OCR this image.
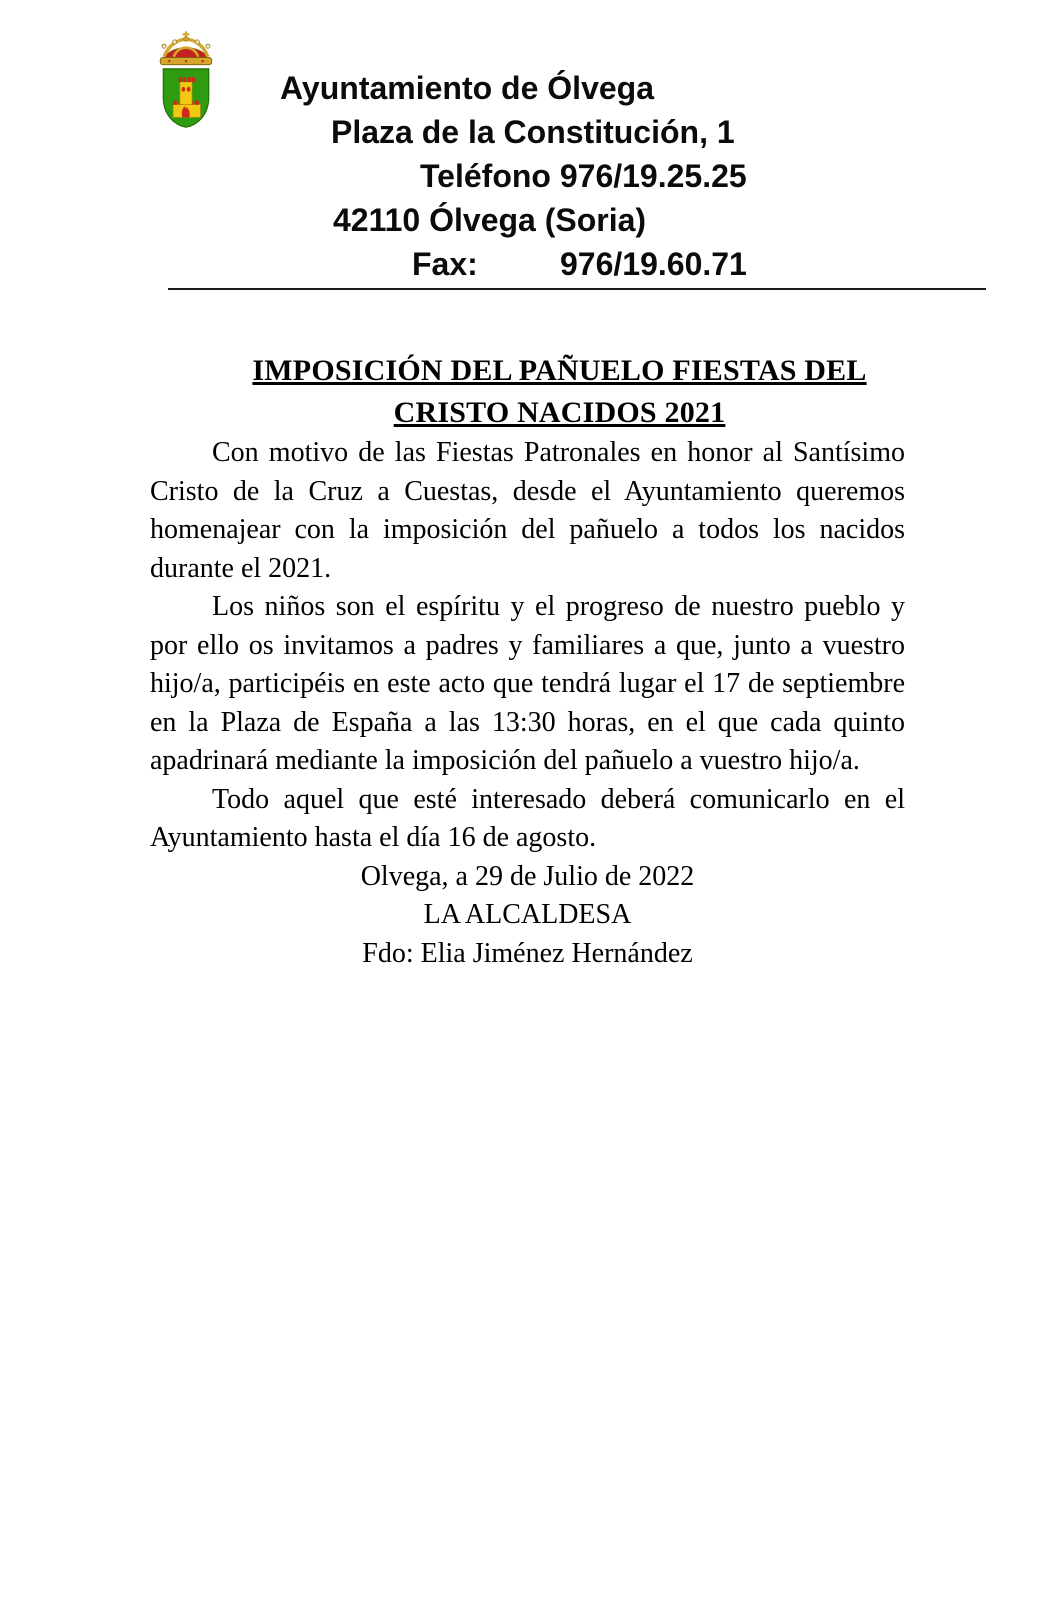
Ayuntamiento de Ólvega
Plaza de la Constitución, 1
Teléfono 976/19.25.25
42110 Ólvega (Soria)
Fax:	976/19.60.71
IMPOSICIÓN DEL PAÑUELO FIESTAS DEL
CRISTO NACIDOS 2021

Con motivo de las Fiestas Patronales en honor al Santísimo Cristo de la Cruz a Cuestas, desde el Ayuntamiento queremos homenajear con la imposición del pañuelo a todos los nacidos durante el 2021.

Los niños son el espíritu y el progreso de nuestro pueblo y por ello os invitamos a padres y familiares a que, junto a vuestro hijo/a, participéis en este acto que tendrá lugar el 17 de septiembre en la Plaza de España a las 13:30 horas, en el que cada quinto apadrinará mediante la imposición del pañuelo a vuestro hijo/a.

Todo aquel que esté interesado deberá comunicarlo en el Ayuntamiento hasta el día 16 de agosto.

Olvega, a 29 de Julio de 2022

LA ALCALDESA

Fdo: Elia Jiménez Hernández
